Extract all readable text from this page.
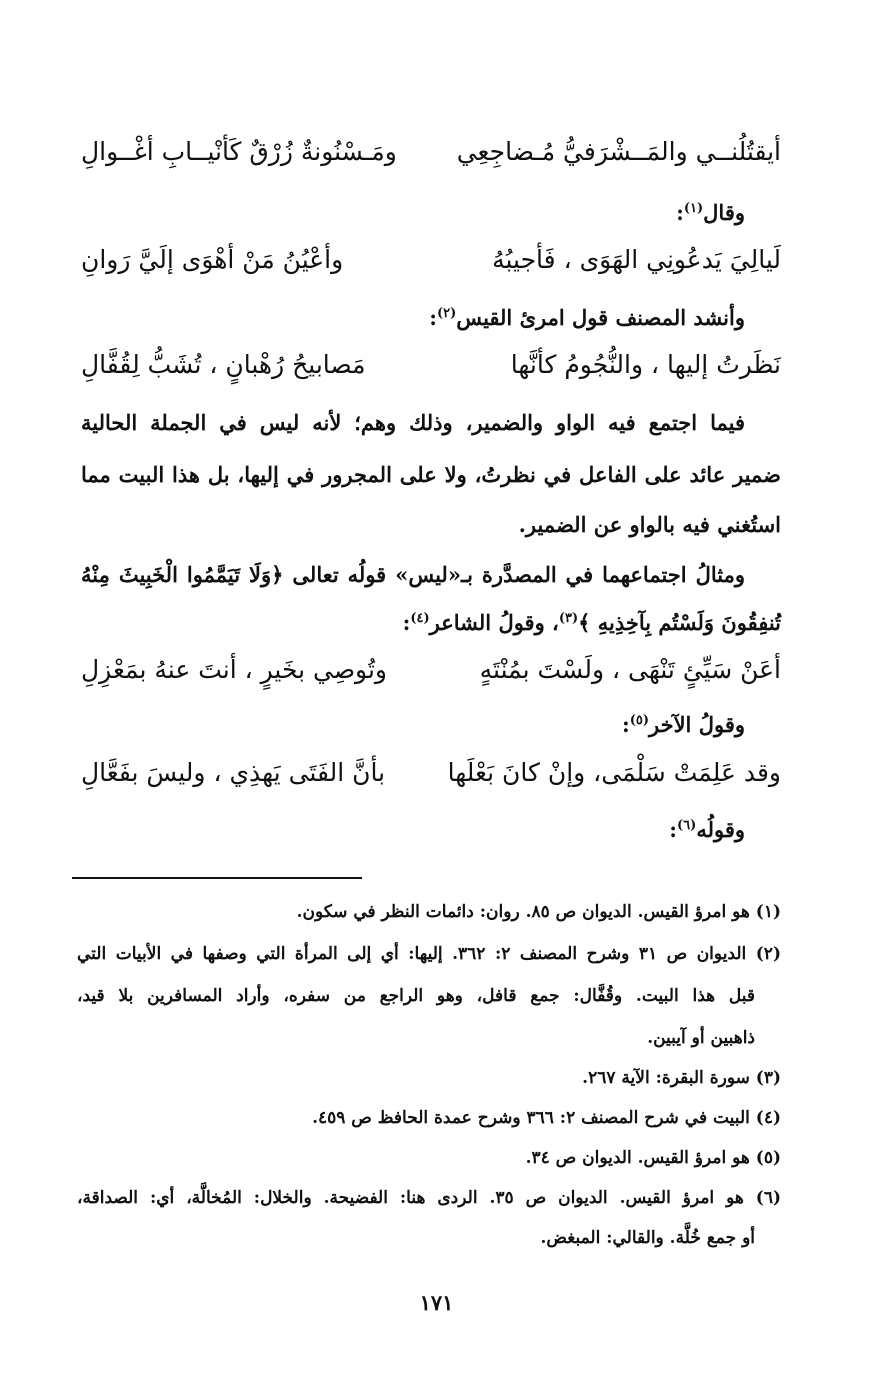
أيقتُلُنــي والمَــشْرَفيُّ مُـضاجِعِي
ومَـسْنُونةٌ زُرْقٌ كَأنْيــابِ أغْــوالِ
وقال$^{(١)}$:
لَيالِيَ يَدعُونِي الهَوَى ، فَأجيبُهُ
وأعْيُنُ مَنْ أهْوَى إلَيَّ رَوانِ
وأنشد المصنف قول امرئ القيس$^{(٢)}$:
نَظَرتُ إليها ، والنُّجُومُ كأنَّها
مَصابيحُ رُهْبانٍ ، تُشَبُّ لِقُفَّالِ
فيما اجتمع فيه الواو والضمير، وذلك وهم؛ لأنه ليس في الجملة الحالية
ضمير عائد على الفاعل في نظرتُ، ولا على المجرور في إليها، بل هذا البيت مما
استُغني فيه بالواو عن الضمير.
ومثالُ اجتماعهما في المصدَّرة بـ«ليس» قولُه تعالى ﴿وَلَا تَيَمَّمُوا الْخَبِيثَ مِنْهُ
تُنفِقُونَ وَلَسْتُم بِآخِذِيهِ ﴾$^{(٣)}$، وقولُ الشاعر$^{(٤)}$:
أعَنْ سَيِّئٍ تَنْهَى ، ولَسْتَ بمُنْتَهٍ
وتُوصِي بخَيرٍ ، أنتَ عنهُ بمَعْزِلِ
وقولُ الآخر$^{(٥)}$:
وقد عَلِمَتْ سَلْمَى، وإنْ كانَ بَعْلَها
بأنَّ الفَتَى يَهذِي ، وليسَ بفَعَّالِ
وقولُه$^{(٦)}$:
(١) هو امرؤ القيس. الديوان ص ٨٥. روان: دائمات النظر في سكون.
(٢) الديوان ص ٣١ وشرح المصنف ٢: ٣٦٢. إليها: أي إلى المرأة التي وصفها في الأبيات التي
قبل هذا البيت. وقُفَّال: جمع قافل، وهو الراجع من سفره، وأراد المسافرين بلا قيد،
ذاهبين أو آيبين.
(٣) سورة البقرة: الآية ٢٦٧.
(٤) البيت في شرح المصنف ٢: ٣٦٦ وشرح عمدة الحافظ ص ٤٥٩.
(٥) هو امرؤ القيس. الديوان ص ٣٤.
(٦) هو امرؤ القيس. الديوان ص ٣٥. الردى هنا: الفضيحة. والخلال: المُخالَّة، أي: الصداقة،
أو جمع خُلَّة. والقالي: المبغض.
١٧١
